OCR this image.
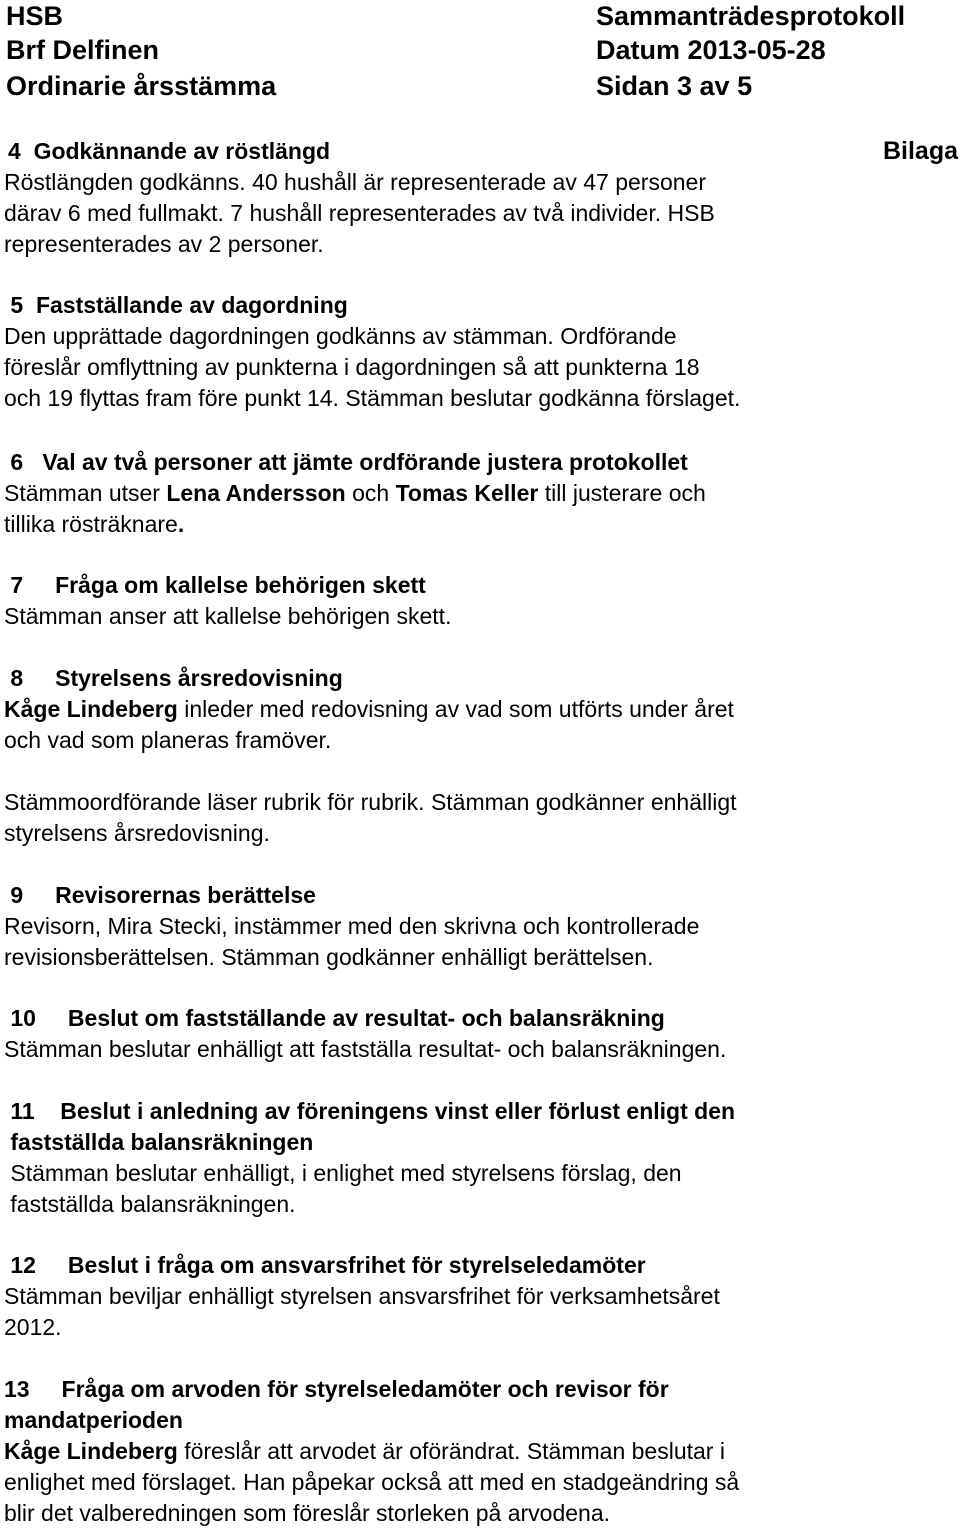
HSB
Brf Delfinen
Ordinarie årsstämma
Sammanträdesprotokoll
Datum 2013-05-28
Sidan 3 av 5
Bilaga

4  Godkännande av röstlängd

Röstlängden godkänns. 40 hushåll är representerade av 47 personer

därav 6 med fullmakt. 7 hushåll representerades av två individer. HSB

representerades av 2 personer.

5  Fastställande av dagordning

Den upprättade dagordningen godkänns av stämman. Ordförande

föreslår omflyttning av punkterna i dagordningen så att punkterna 18

och 19 flyttas fram före punkt 14. Stämman beslutar godkänna förslaget.

6   Val av två personer att jämte ordförande justera protokollet

Stämman utser Lena Andersson och Tomas Keller till justerare och

tillika rösträknare.

7     Fråga om kallelse behörigen skett

Stämman anser att kallelse behörigen skett.

8     Styrelsens årsredovisning

Kåge Lindeberg inleder med redovisning av vad som utförts under året

och vad som planeras framöver.

Stämmoordförande läser rubrik för rubrik. Stämman godkänner enhälligt

styrelsens årsredovisning.

9     Revisorernas berättelse

Revisorn, Mira Stecki, instämmer med den skrivna och kontrollerade

revisionsberättelsen. Stämman godkänner enhälligt berättelsen.

10     Beslut om fastställande av resultat- och balansräkning

Stämman beslutar enhälligt att fastställa resultat- och balansräkningen.

11    Beslut i anledning av föreningens vinst eller förlust enligt den

fastställda balansräkningen

Stämman beslutar enhälligt, i enlighet med styrelsens förslag, den

fastställda balansräkningen.

12     Beslut i fråga om ansvarsfrihet för styrelseledamöter

Stämman beviljar enhälligt styrelsen ansvarsfrihet för verksamhetsåret

2012.

13     Fråga om arvoden för styrelseledamöter och revisor för

mandatperioden

Kåge Lindeberg föreslår att arvodet är oförändrat. Stämman beslutar i

enlighet med förslaget. Han påpekar också att med en stadgeändring så

blir det valberedningen som föreslår storleken på arvodena.
